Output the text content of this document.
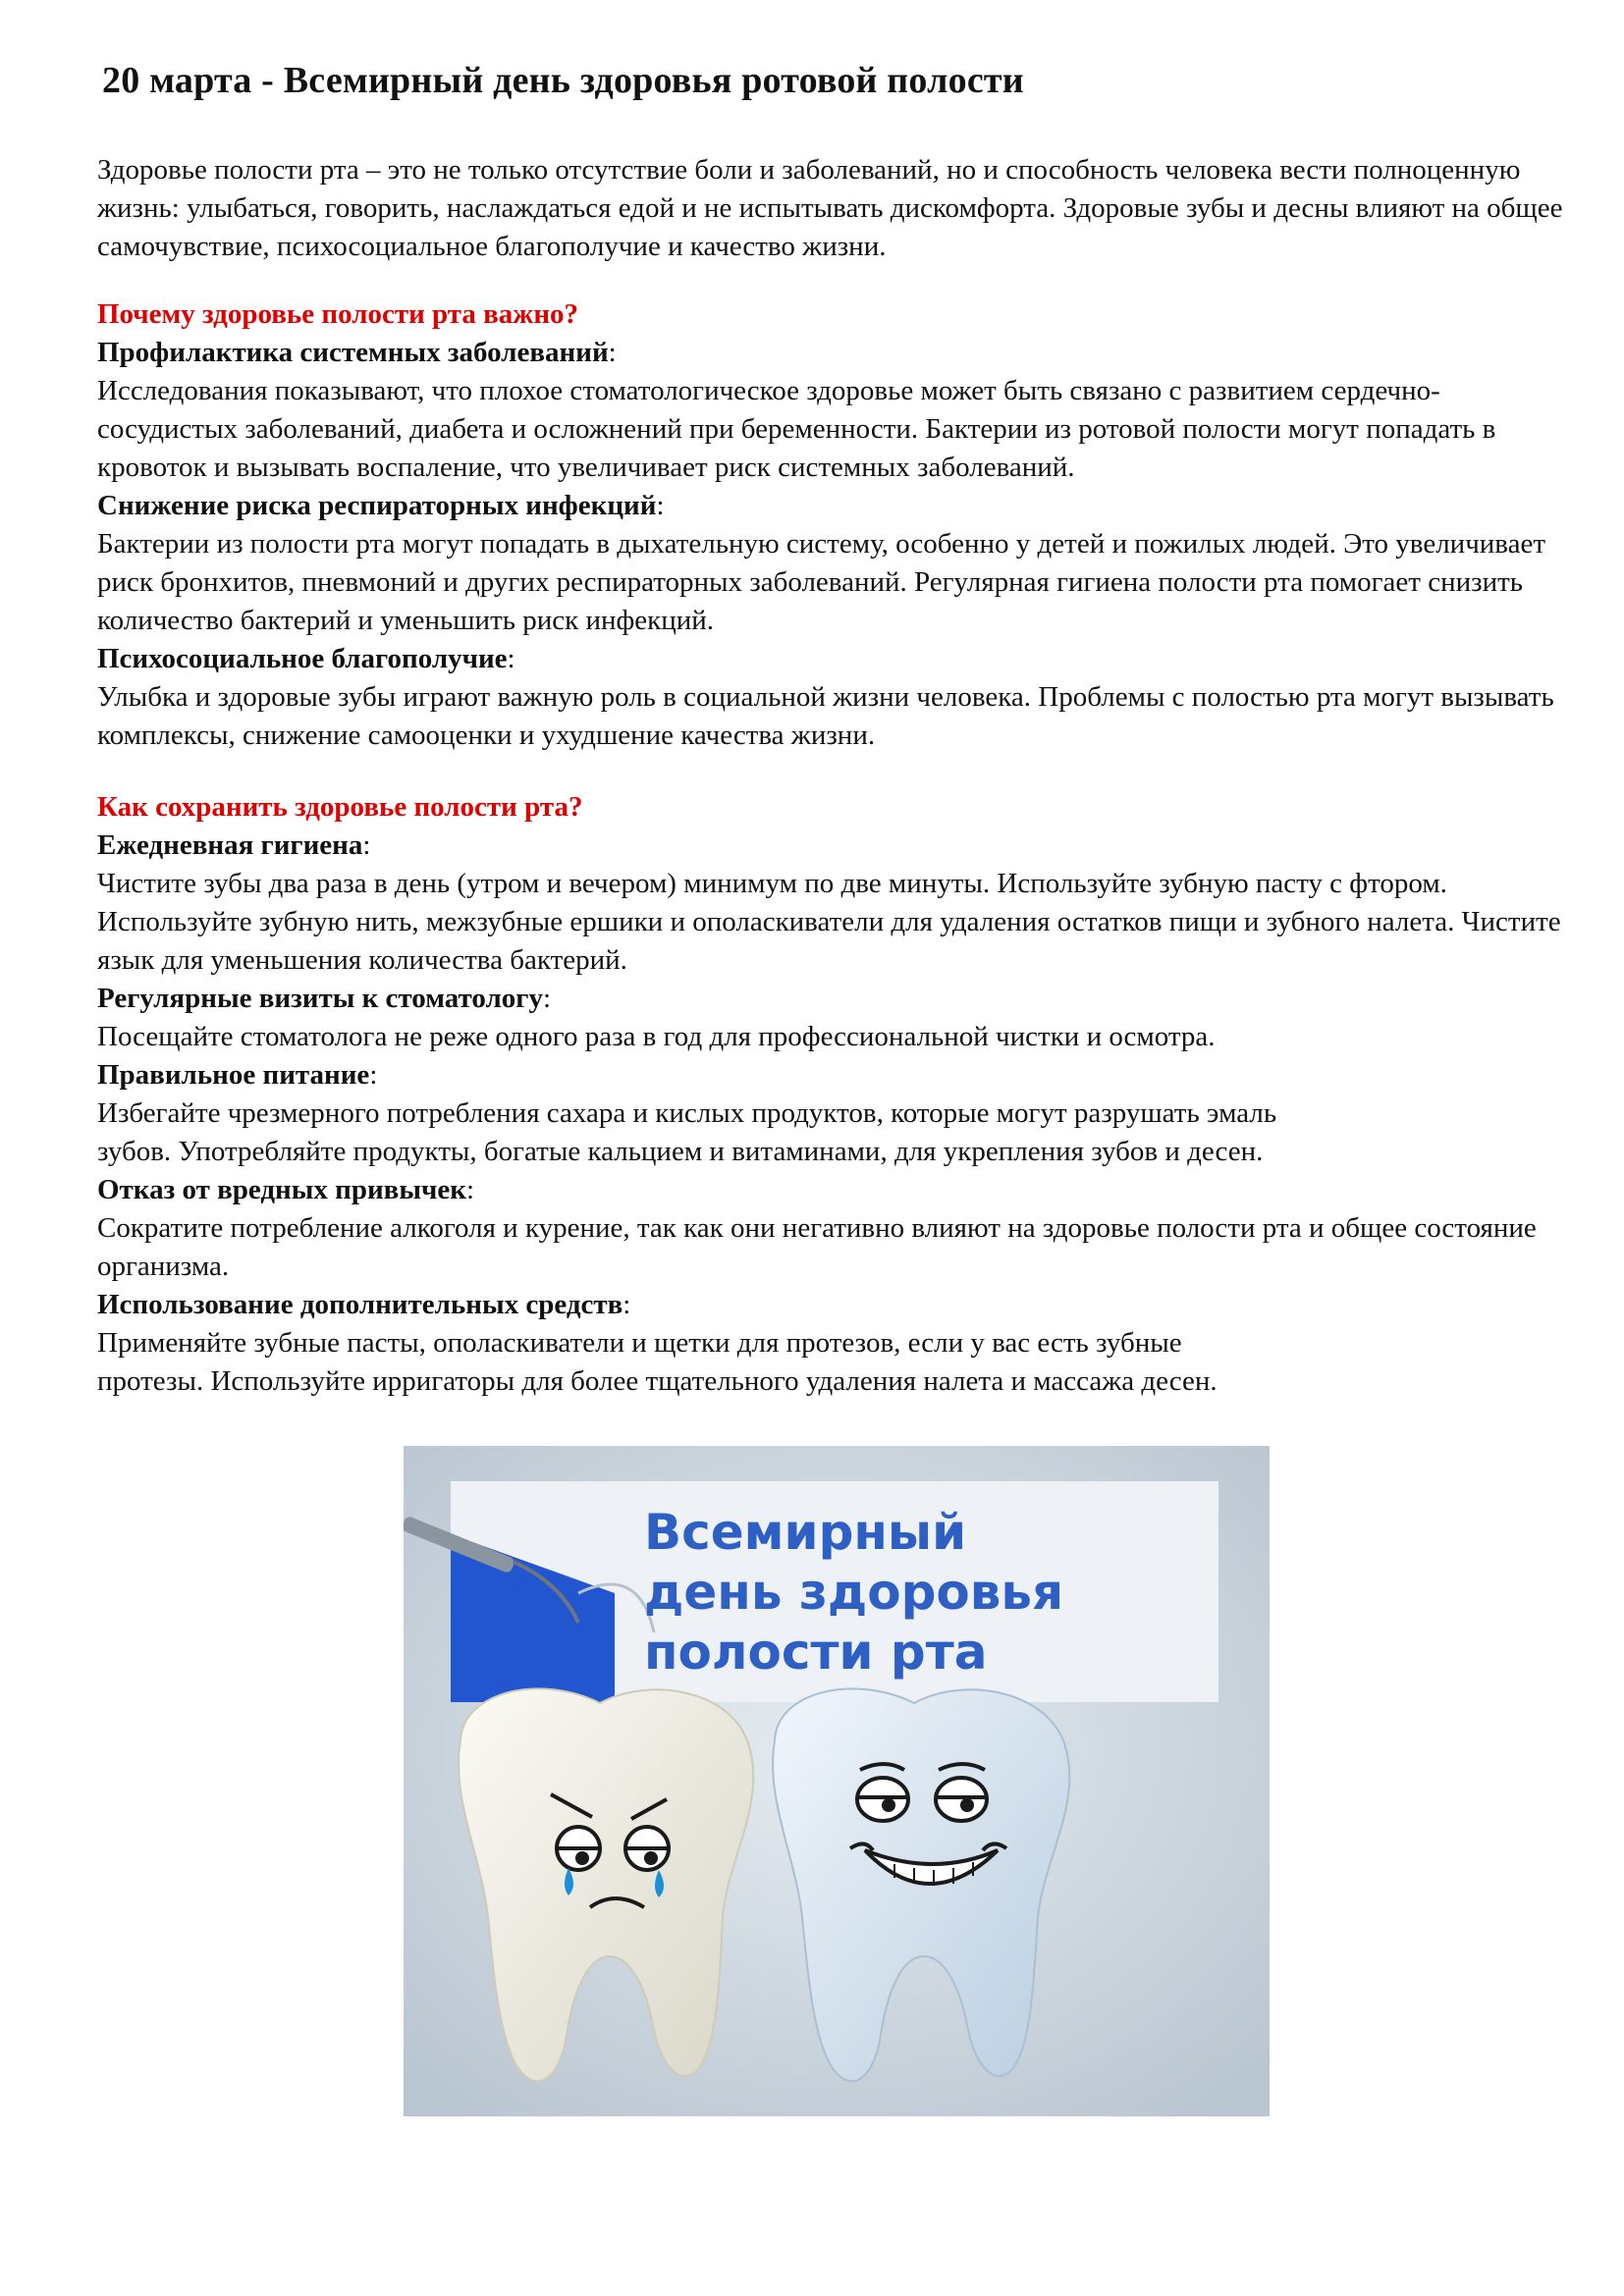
20 марта - Всемирный день здоровья ротовой полости

Здоровье полости рта – это не только отсутствие боли и заболеваний, но и способность человека вести полноценную жизнь: улыбаться, говорить, наслаждаться едой и не испытывать дискомфорта. Здоровые зубы и десны влияют на общее самочувствие, психосоциальное благополучие и качество жизни.

Почему здоровье полости рта важно?

Профилактика системных заболеваний:

Исследования показывают, что плохое стоматологическое здоровье может быть связано с развитием сердечно-сосудистых заболеваний, диабета и осложнений при беременности. Бактерии из ротовой полости могут попадать в кровоток и вызывать воспаление, что увеличивает риск системных заболеваний.

Снижение риска респираторных инфекций:

Бактерии из полости рта могут попадать в дыхательную систему, особенно у детей и пожилых людей. Это увеличивает риск бронхитов, пневмоний и других респираторных заболеваний. Регулярная гигиена полости рта помогает снизить количество бактерий и уменьшить риск инфекций.

Психосоциальное благополучие:

Улыбка и здоровые зубы играют важную роль в социальной жизни человека. Проблемы с полостью рта могут вызывать комплексы, снижение самооценки и ухудшение качества жизни.

Как сохранить здоровье полости рта?

Ежедневная гигиена:

Чистите зубы два раза в день (утром и вечером) минимум по две минуты. Используйте зубную пасту с фтором. Используйте зубную нить, межзубные ершики и ополаскиватели для удаления остатков пищи и зубного налета. Чистите язык для уменьшения количества бактерий.

Регулярные визиты к стоматологу:

Посещайте стоматолога не реже одного раза в год для профессиональной чистки и осмотра.

Правильное питание:

Избегайте чрезмерного потребления сахара и кислых продуктов, которые могут разрушать эмаль

зубов. Употребляйте продукты, богатые кальцием и витаминами, для укрепления зубов и десен.

Отказ от вредных привычек:

Сократите потребление алкоголя и курение, так как они негативно влияют на здоровье полости рта и общее состояние организма.

Использование дополнительных средств:

Применяйте зубные пасты, ополаскиватели и щетки для протезов, если у вас есть зубные

протезы. Используйте ирригаторы для более тщательного удаления налета и массажа десен.

Всемирный
день здоровья
полости рта
